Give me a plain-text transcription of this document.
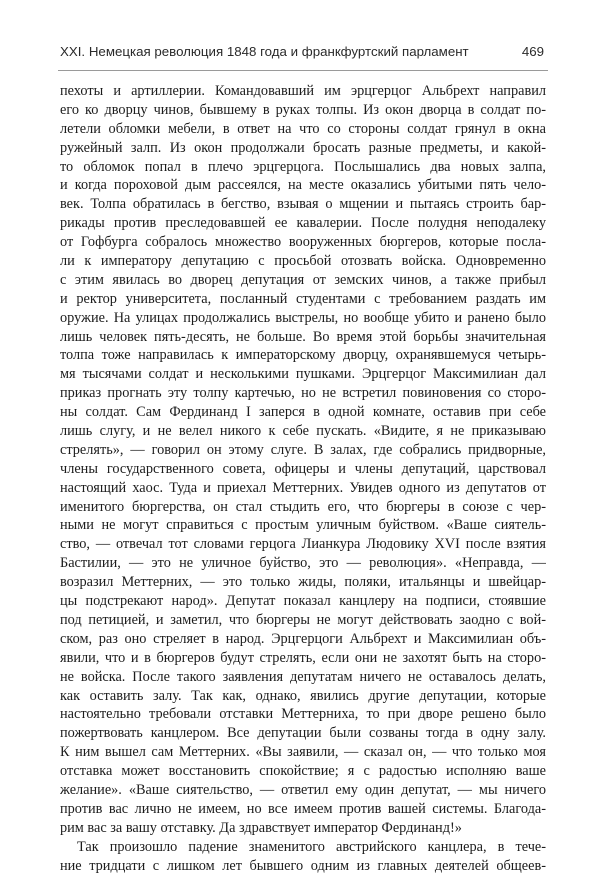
XXI. Немецкая революция 1848 года и франкфуртский парламент	469
пехоты и артиллерии. Командовавший им эрцгерцог Альбрехт направил
его ко дворцу чинов, бывшему в руках толпы. Из окон дворца в солдат по-
летели обломки мебели, в ответ на что со стороны солдат грянул в окна
ружейный залп. Из окон продолжали бросать разные предметы, и какой-
то обломок попал в плечо эрцгерцога. Послышались два новых залпа,
и когда пороховой дым рассеялся, на месте оказались убитыми пять чело-
век. Толпа обратилась в бегство, взывая о мщении и пытаясь строить бар-
рикады против преследовавшей ее кавалерии. После полудня неподалеку
от Гофбурга собралось множество вооруженных бюргеров, которые посла-
ли к императору депутацию с просьбой отозвать войска. Одновременно
с этим явилась во дворец депутация от земских чинов, а также прибыл
и ректор университета, посланный студентами с требованием раздать им
оружие. На улицах продолжались выстрелы, но вообще убито и ранено было
лишь человек пять-десять, не больше. Во время этой борьбы значительная
толпа тоже направилась к императорскому дворцу, охранявшемуся четырь-
мя тысячами солдат и несколькими пушками. Эрцгерцог Максимилиан дал
приказ прогнать эту толпу картечью, но не встретил повиновения со сторо-
ны солдат. Сам Фердинанд I заперся в одной комнате, оставив при себе
лишь слугу, и не велел никого к себе пускать. «Видите, я не приказываю
стрелять», — говорил он этому слуге. В залах, где собрались придворные,
члены государственного совета, офицеры и члены депутаций, царствовал
настоящий хаос. Туда и приехал Меттерних. Увидев одного из депутатов от
именитого бюргерства, он стал стыдить его, что бюргеры в союзе с чер-
ными не могут справиться с простым уличным буйством. «Ваше сиятель-
ство, — отвечал тот словами герцога Лианкура Людовику XVI после взятия
Бастилии, — это не уличное буйство, это — революция». «Неправда, —
возразил Меттерних, — это только жиды, поляки, итальянцы и швейцар-
цы подстрекают народ». Депутат показал канцлеру на подписи, стоявшие
под петицией, и заметил, что бюргеры не могут действовать заодно с вой-
ском, раз оно стреляет в народ. Эрцгерцоги Альбрехт и Максимилиан объ-
явили, что и в бюргеров будут стрелять, если они не захотят быть на сторо-
не войска. После такого заявления депутатам ничего не оставалось делать,
как оставить залу. Так как, однако, явились другие депутации, которые
настоятельно требовали отставки Меттерниха, то при дворе решено было
пожертвовать канцлером. Все депутации были созваны тогда в одну залу.
К ним вышел сам Меттерних. «Вы заявили, — сказал он, — что только моя
отставка может восстановить спокойствие; я с радостью исполняю ваше
желание». «Ваше сиятельство, — ответил ему один депутат, — мы ничего
против вас лично не имеем, но все имеем против вашей системы. Благода-
рим вас за вашу отставку. Да здравствует император Фердинанд!»
Так произошло падение знаменитого австрийского канцлера, в тече-
ние тридцати с лишком лет бывшего одним из главных деятелей общеев-
